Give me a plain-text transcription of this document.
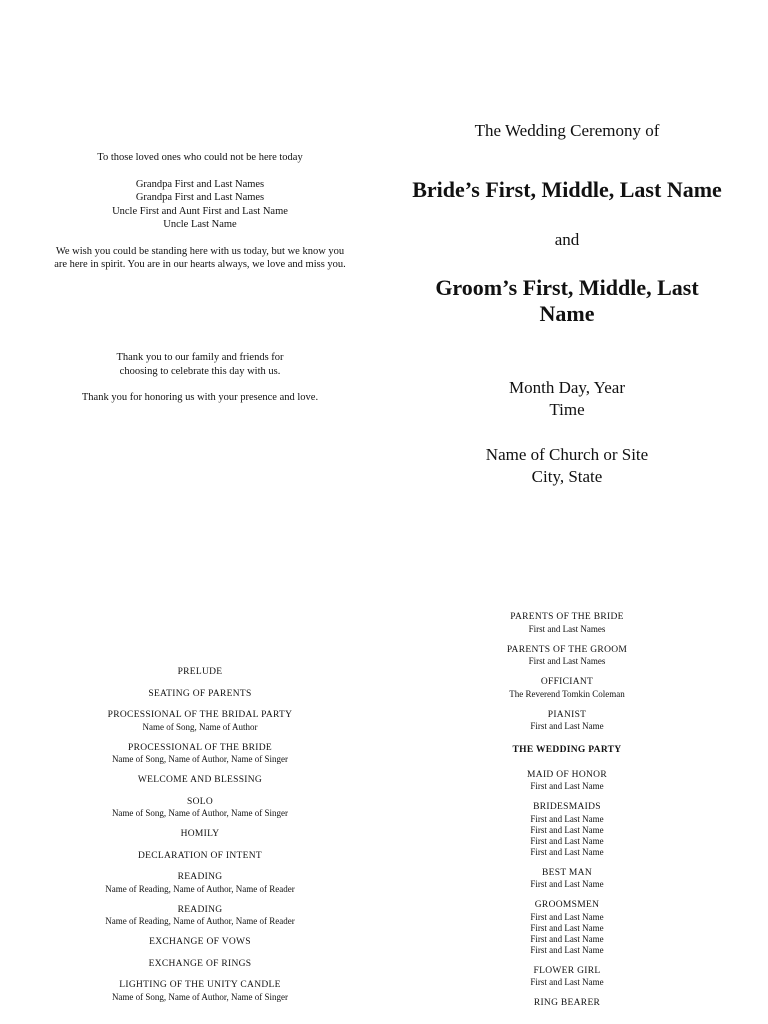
To those loved ones who could not be here today
Grandpa First and Last Names
Grandpa First and Last Names
Uncle First and Aunt First and Last Name
Uncle Last Name
We wish you could be standing here with us today, but we know you
are here in spirit. You are in our hearts always, we love and miss you.
Thank you to our family and friends for
choosing to celebrate this day with us.
Thank you for honoring us with your presence and love.
The Wedding Ceremony of
Bride’s First, Middle, Last Name
and
Groom’s First, Middle, Last
Name
Month Day, Year
Time
Name of Church or Site
City, State
PRELUDE
SEATING OF PARENTS
PROCESSIONAL OF THE BRIDAL PARTY
Name of Song, Name of Author
PROCESSIONAL OF THE BRIDE
Name of Song, Name of Author, Name of Singer
WELCOME AND BLESSING
SOLO
Name of Song, Name of Author, Name of Singer
HOMILY
DECLARATION OF INTENT
READING
Name of Reading, Name of Author, Name of Reader
READING
Name of Reading, Name of Author, Name of Reader
EXCHANGE OF VOWS
EXCHANGE OF RINGS
LIGHTING OF THE UNITY CANDLE
Name of Song, Name of Author, Name of Singer
PARENTS OF THE BRIDE
First and Last Names
PARENTS OF THE GROOM
First and Last Names
OFFICIANT
The Reverend Tomkin Coleman
PIANIST
First and Last Name
THE WEDDING PARTY
MAID OF HONOR
First and Last Name
BRIDESMAIDS
First and Last Name
First and Last Name
First and Last Name
First and Last Name
BEST MAN
First and Last Name
GROOMSMEN
First and Last Name
First and Last Name
First and Last Name
First and Last Name
FLOWER GIRL
First and Last Name
RING BEARER
